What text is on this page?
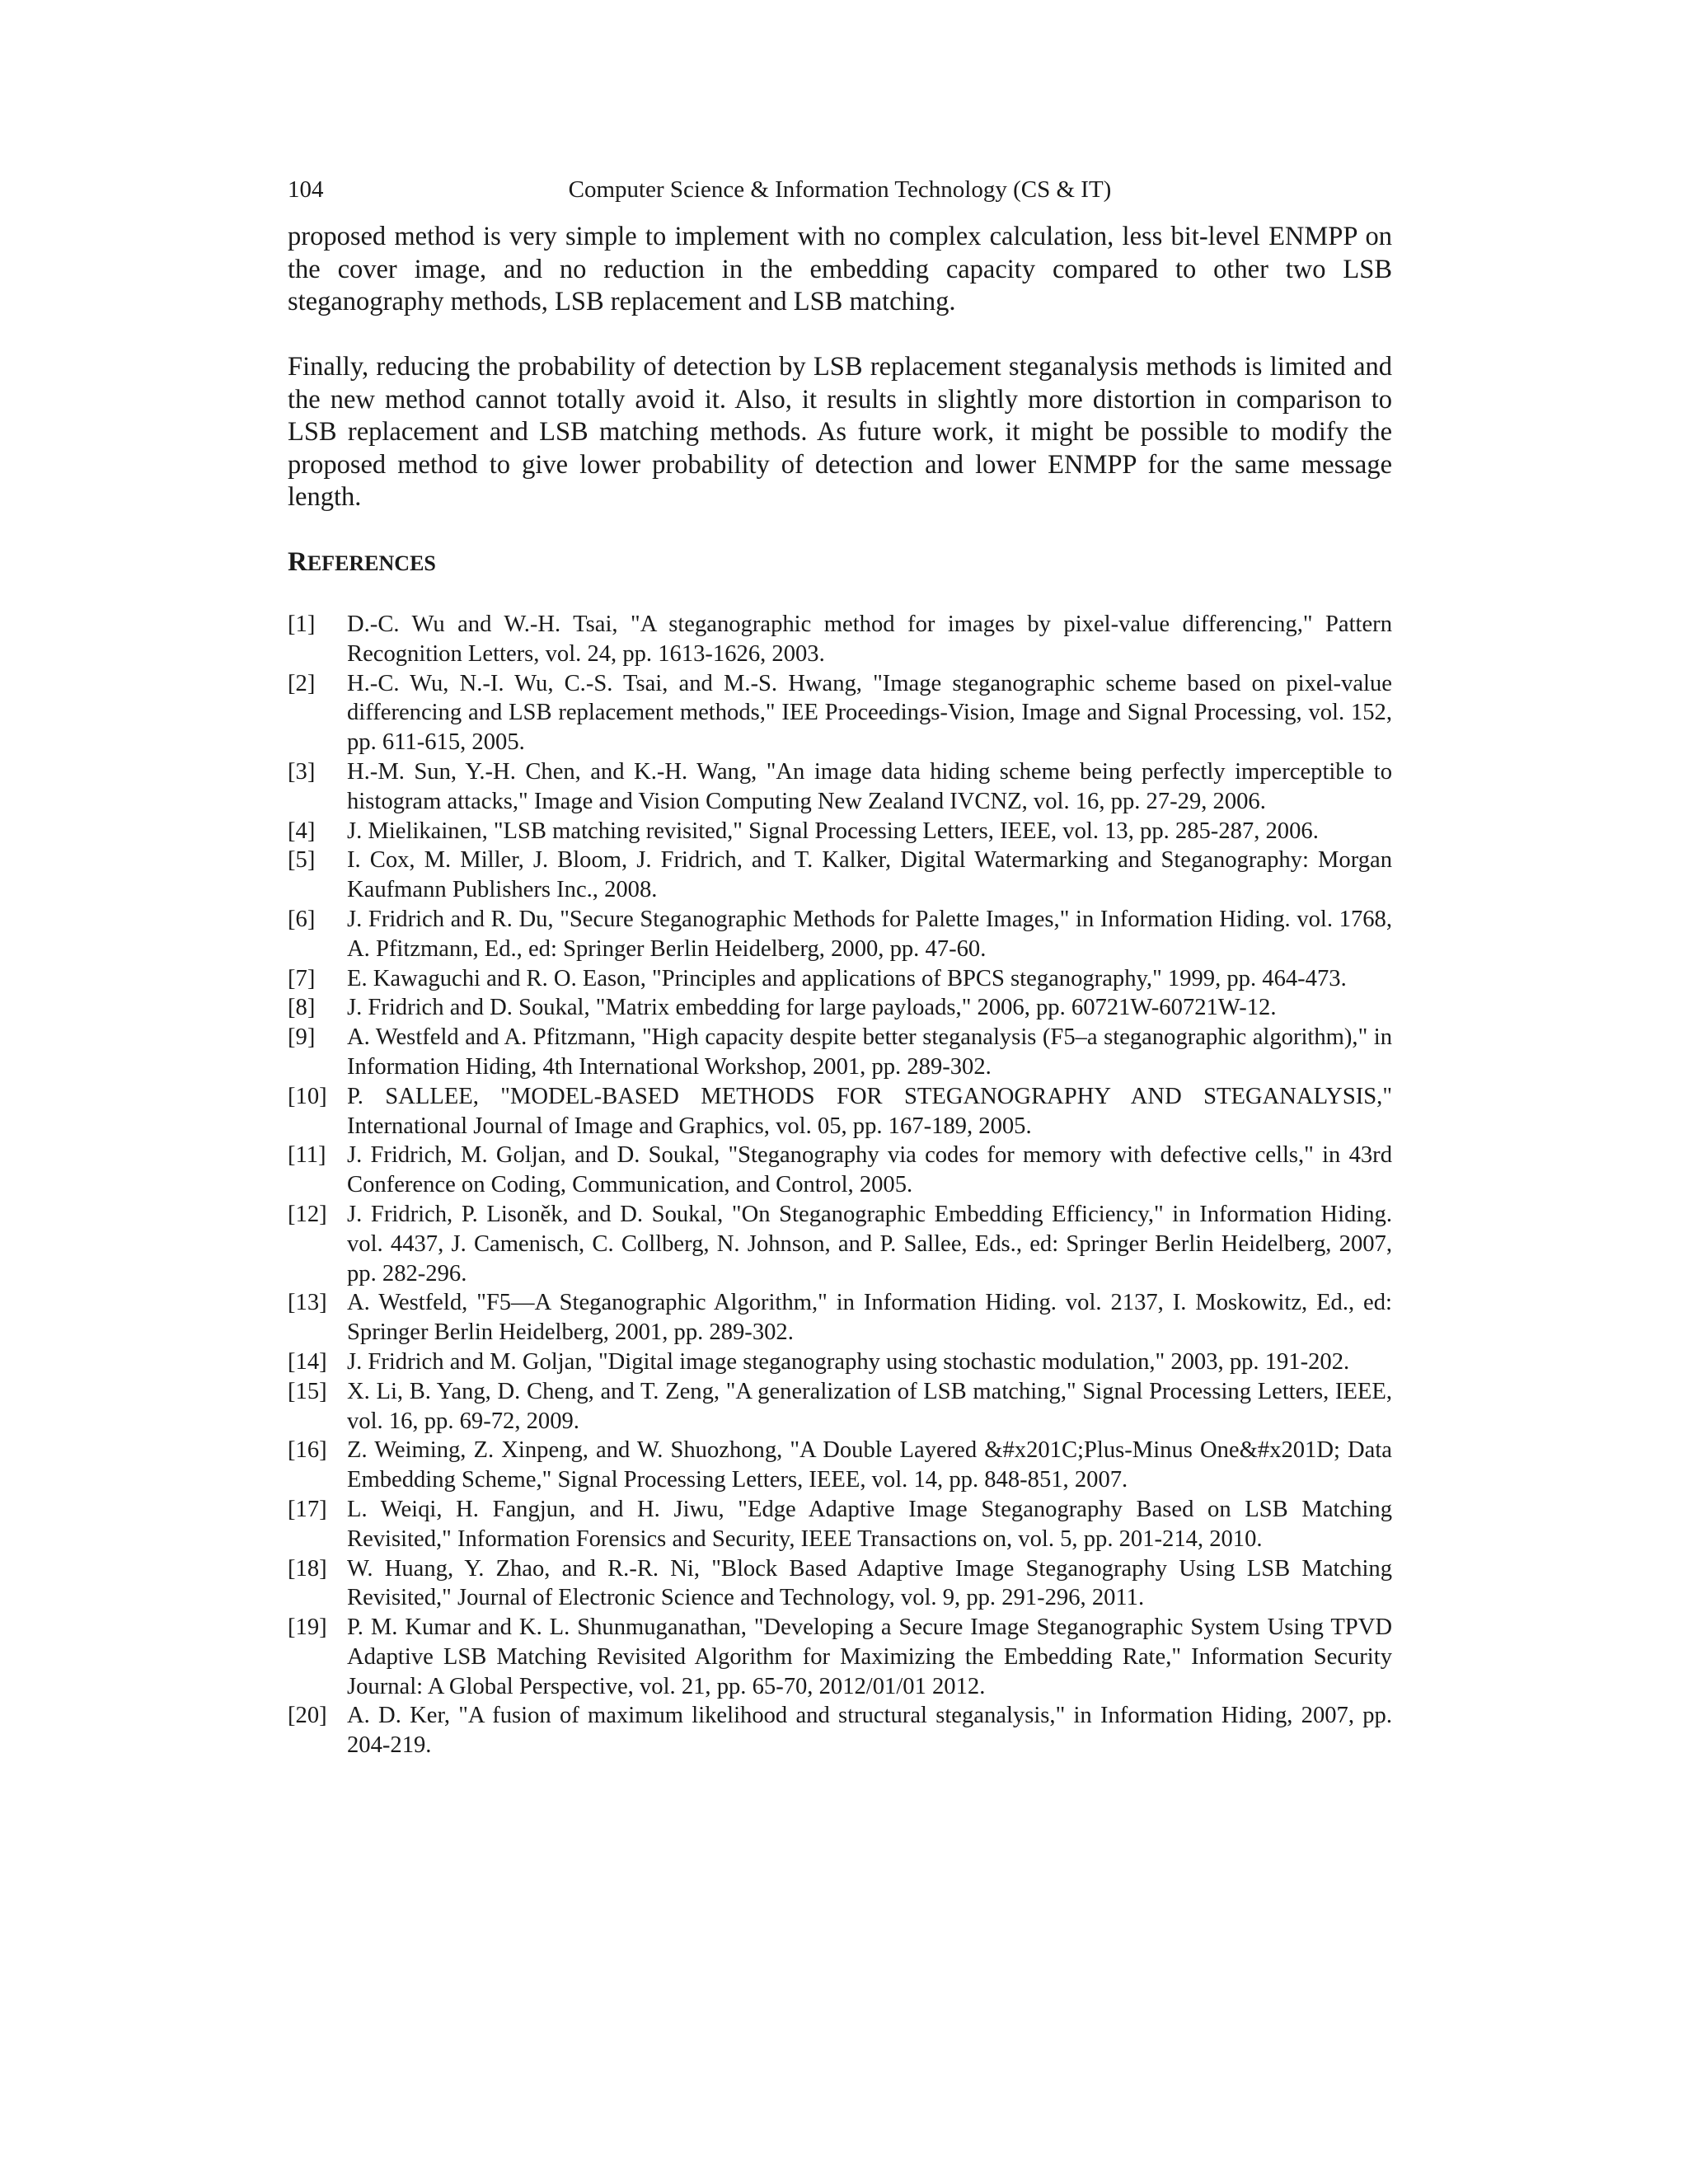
104	Computer Science & Information Technology (CS & IT)
proposed method is very simple to implement with no complex calculation, less bit-level ENMPP on the cover image, and no reduction in the embedding capacity compared to other two LSB steganography methods, LSB replacement and LSB matching.
Finally, reducing the probability of detection by LSB replacement steganalysis methods is limited and the new method cannot totally avoid it. Also, it results in slightly more distortion in comparison to LSB replacement and LSB matching methods. As future work, it might be possible to modify the proposed method to give lower probability of detection and lower ENMPP for the same message length.
REFERENCES
[1]	D.-C. Wu and W.-H. Tsai, "A steganographic method for images by pixel-value differencing," Pattern Recognition Letters, vol. 24, pp. 1613-1626, 2003.
[2]	H.-C. Wu, N.-I. Wu, C.-S. Tsai, and M.-S. Hwang, "Image steganographic scheme based on pixel-value differencing and LSB replacement methods," IEE Proceedings-Vision, Image and Signal Processing, vol. 152, pp. 611-615, 2005.
[3]	H.-M. Sun, Y.-H. Chen, and K.-H. Wang, "An image data hiding scheme being perfectly imperceptible to histogram attacks," Image and Vision Computing New Zealand IVCNZ, vol. 16, pp. 27-29, 2006.
[4]	J. Mielikainen, "LSB matching revisited," Signal Processing Letters, IEEE, vol. 13, pp. 285-287, 2006.
[5]	I. Cox, M. Miller, J. Bloom, J. Fridrich, and T. Kalker, Digital Watermarking and Steganography: Morgan Kaufmann Publishers Inc., 2008.
[6]	J. Fridrich and R. Du, "Secure Steganographic Methods for Palette Images," in Information Hiding. vol. 1768, A. Pfitzmann, Ed., ed: Springer Berlin Heidelberg, 2000, pp. 47-60.
[7]	E. Kawaguchi and R. O. Eason, "Principles and applications of BPCS steganography," 1999, pp. 464-473.
[8]	J. Fridrich and D. Soukal, "Matrix embedding for large payloads," 2006, pp. 60721W-60721W-12.
[9]	A. Westfeld and A. Pfitzmann, "High capacity despite better steganalysis (F5–a steganographic algorithm)," in Information Hiding, 4th International Workshop, 2001, pp. 289-302.
[10] P. SALLEE, "MODEL-BASED METHODS FOR STEGANOGRAPHY AND STEGANALYSIS," International Journal of Image and Graphics, vol. 05, pp. 167-189, 2005.
[11] J. Fridrich, M. Goljan, and D. Soukal, "Steganography via codes for memory with defective cells," in 43rd Conference on Coding, Communication, and Control, 2005.
[12] J. Fridrich, P. Lisoněk, and D. Soukal, "On Steganographic Embedding Efficiency," in Information Hiding. vol. 4437, J. Camenisch, C. Collberg, N. Johnson, and P. Sallee, Eds., ed: Springer Berlin Heidelberg, 2007, pp. 282-296.
[13] A. Westfeld, "F5—A Steganographic Algorithm," in Information Hiding. vol. 2137, I. Moskowitz, Ed., ed: Springer Berlin Heidelberg, 2001, pp. 289-302.
[14] J. Fridrich and M. Goljan, "Digital image steganography using stochastic modulation," 2003, pp. 191-202.
[15] X. Li, B. Yang, D. Cheng, and T. Zeng, "A generalization of LSB matching," Signal Processing Letters, IEEE, vol. 16, pp. 69-72, 2009.
[16] Z. Weiming, Z. Xinpeng, and W. Shuozhong, "A Double Layered &#x201C;Plus-Minus One&#x201D; Data Embedding Scheme," Signal Processing Letters, IEEE, vol. 14, pp. 848-851, 2007.
[17] L. Weiqi, H. Fangjun, and H. Jiwu, "Edge Adaptive Image Steganography Based on LSB Matching Revisited," Information Forensics and Security, IEEE Transactions on, vol. 5, pp. 201-214, 2010.
[18] W. Huang, Y. Zhao, and R.-R. Ni, "Block Based Adaptive Image Steganography Using LSB Matching Revisited," Journal of Electronic Science and Technology, vol. 9, pp. 291-296, 2011.
[19] P. M. Kumar and K. L. Shunmuganathan, "Developing a Secure Image Steganographic System Using TPVD Adaptive LSB Matching Revisited Algorithm for Maximizing the Embedding Rate," Information Security Journal: A Global Perspective, vol. 21, pp. 65-70, 2012/01/01 2012.
[20] A. D. Ker, "A fusion of maximum likelihood and structural steganalysis," in Information Hiding, 2007, pp. 204-219.
